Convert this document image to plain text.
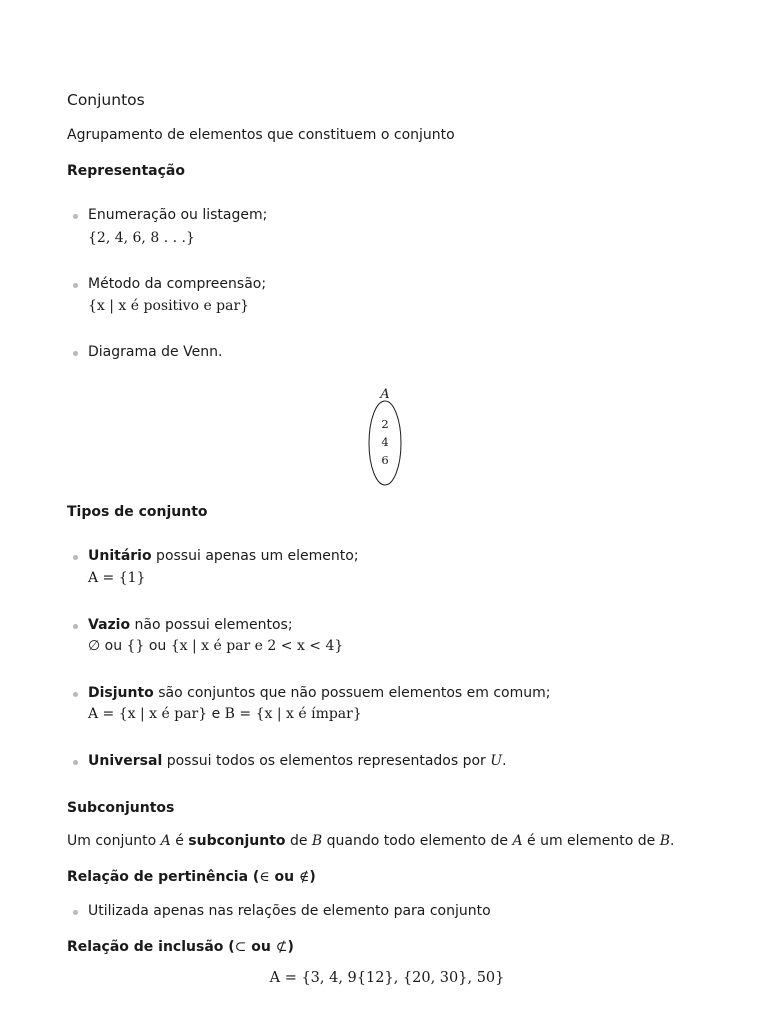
Conjuntos
Agrupamento de elementos que constituem o conjunto
Representação
Enumeração ou listagem;
{2, 4, 6, 8 . . .}
Método da compreensão;
{x | x é positivo e par}
Diagrama de Venn.
A
2
4
6
Tipos de conjunto
Unitário possui apenas um elemento;
A = {1}
Vazio não possui elementos;
∅ ou {} ou {x | x é par e 2 < x < 4}
Disjunto são conjuntos que não possuem elementos em comum;
A = {x | x é par} e B = {x | x é ímpar}
Universal possui todos os elementos representados por U.
Subconjuntos
Um conjunto A é subconjunto de B quando todo elemento de A é um elemento de B.
Relação de pertinência (∈ ou ∉)
Utilizada apenas nas relações de elemento para conjunto
Relação de inclusão (⊂ ou ⊄)
A = {3, 4, 9{12}, {20, 30}, 50}
